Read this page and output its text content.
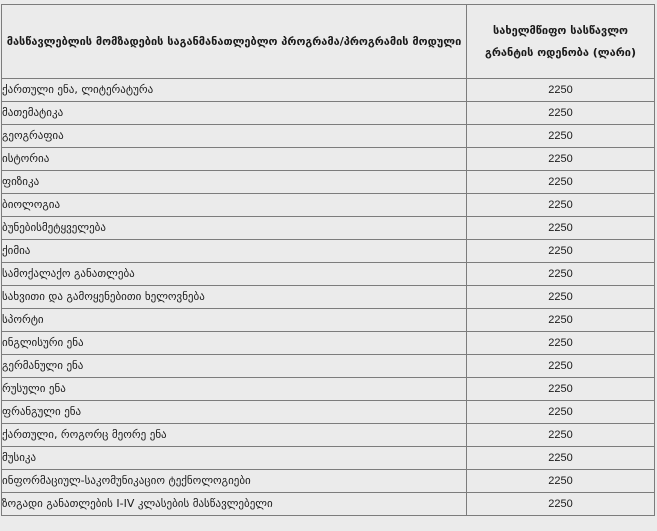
მასწავლებლის მომზადების საგანმანათლებლო პროგრამა/პროგრამის მოდული	სახელმწიფო სასწავლო
გრანტის ოდენობა (ლარი)

ქართული ენა, ლიტერატურა	2250
მათემატიკა	2250
გეოგრაფია	2250
ისტორია	2250
ფიზიკა	2250
ბიოლოგია	2250
ბუნებისმეტყველება	2250
ქიმია	2250
სამოქალაქო განათლება	2250
სახვითი და გამოყენებითი ხელოვნება	2250
სპორტი	2250
ინგლისური ენა	2250
გერმანული ენა	2250
რუსული ენა	2250
ფრანგული ენა	2250
ქართული, როგორც მეორე ენა	2250
მუსიკა	2250
ინფორმაციულ-საკომუნიკაციო ტექნოლოგიები	2250
ზოგადი განათლების I-IV კლასების მასწავლებელი	2250
